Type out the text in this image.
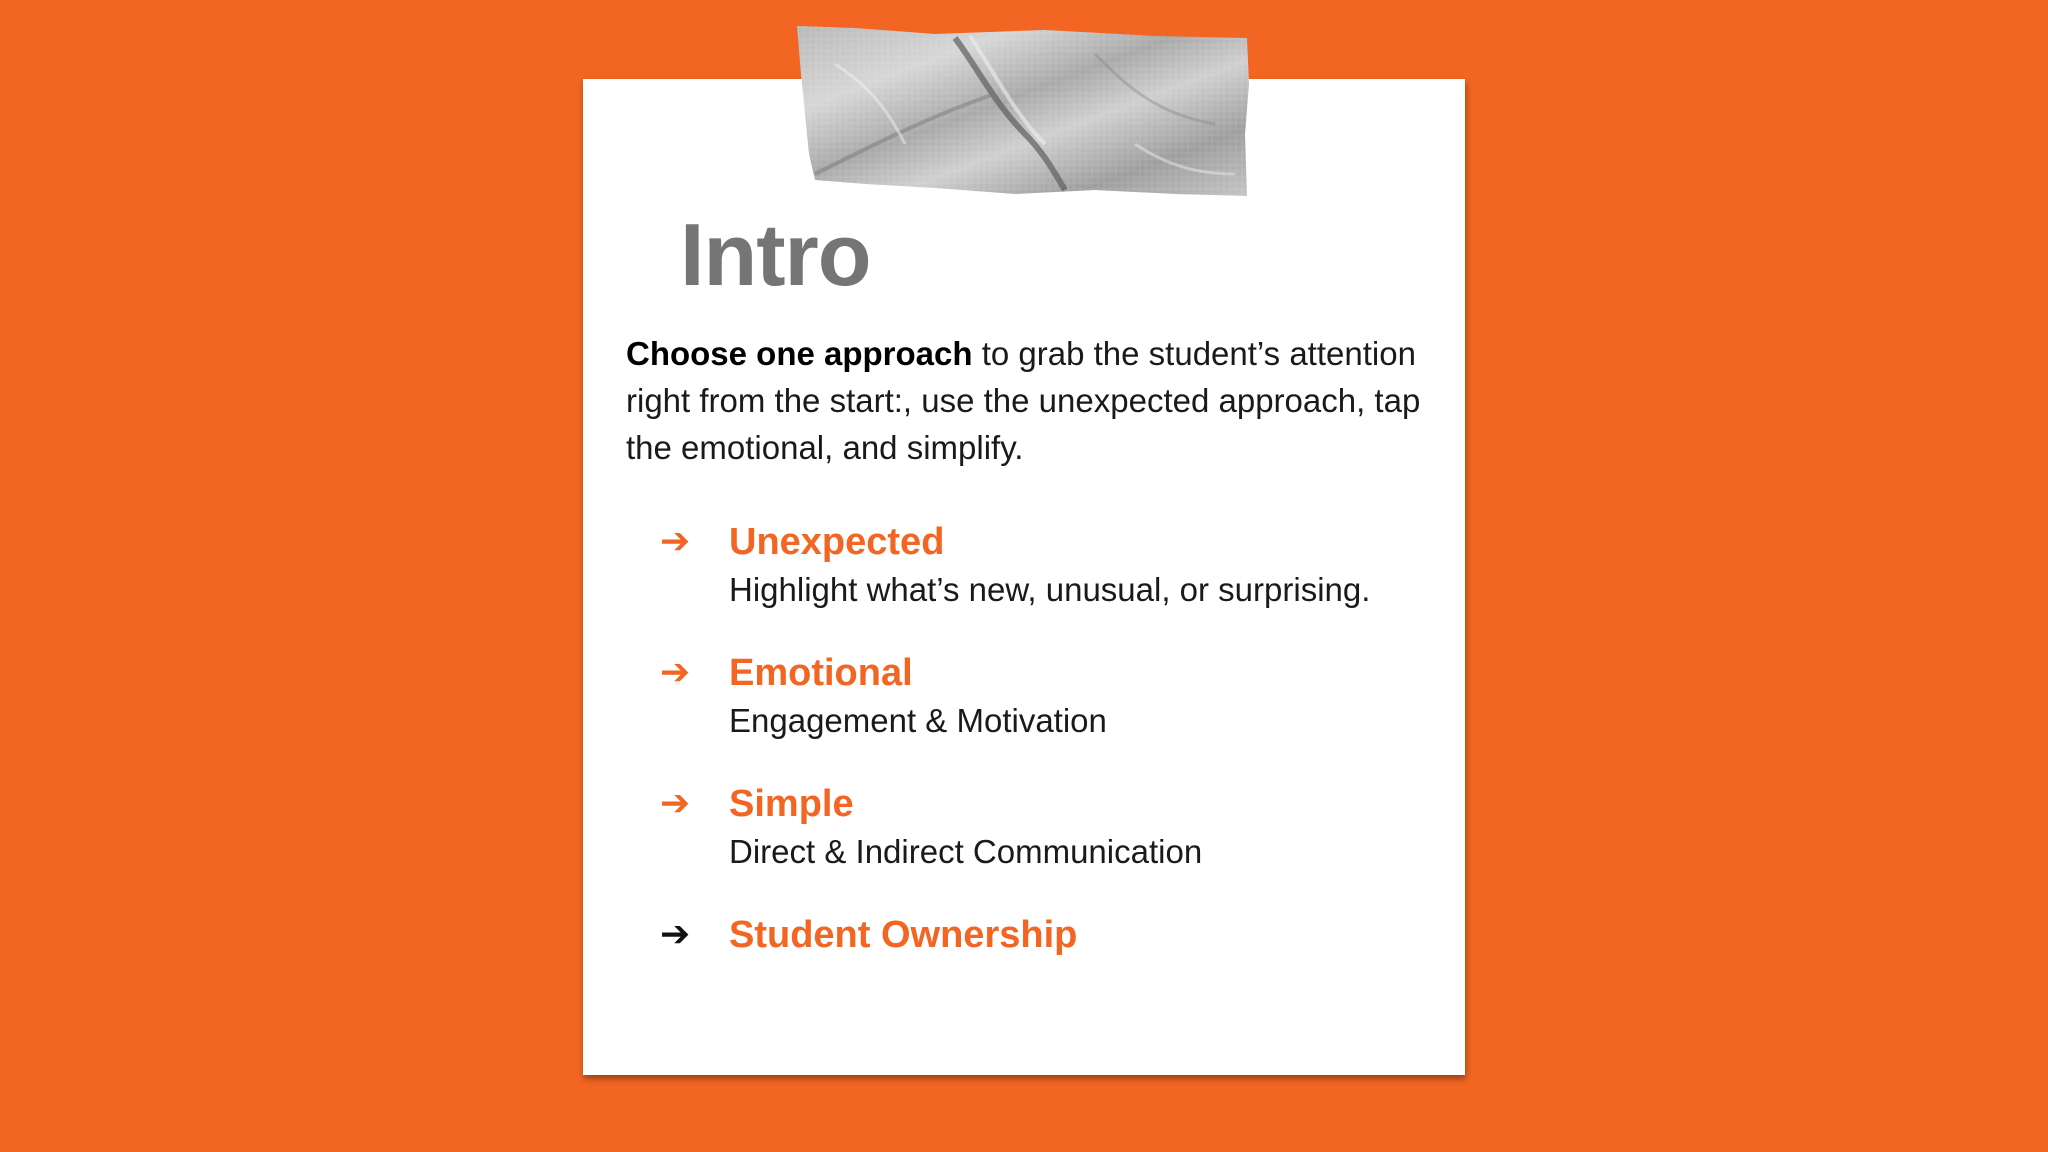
Intro

Choose one approach to grab the student’s attention right from the start:, use the unexpected approach, tap the emotional, and simplify.

➔ Unexpected
Highlight what’s new, unusual, or surprising.
➔ Emotional
Engagement & Motivation
➔ Simple
Direct & Indirect Communication
➔ Student Ownership
